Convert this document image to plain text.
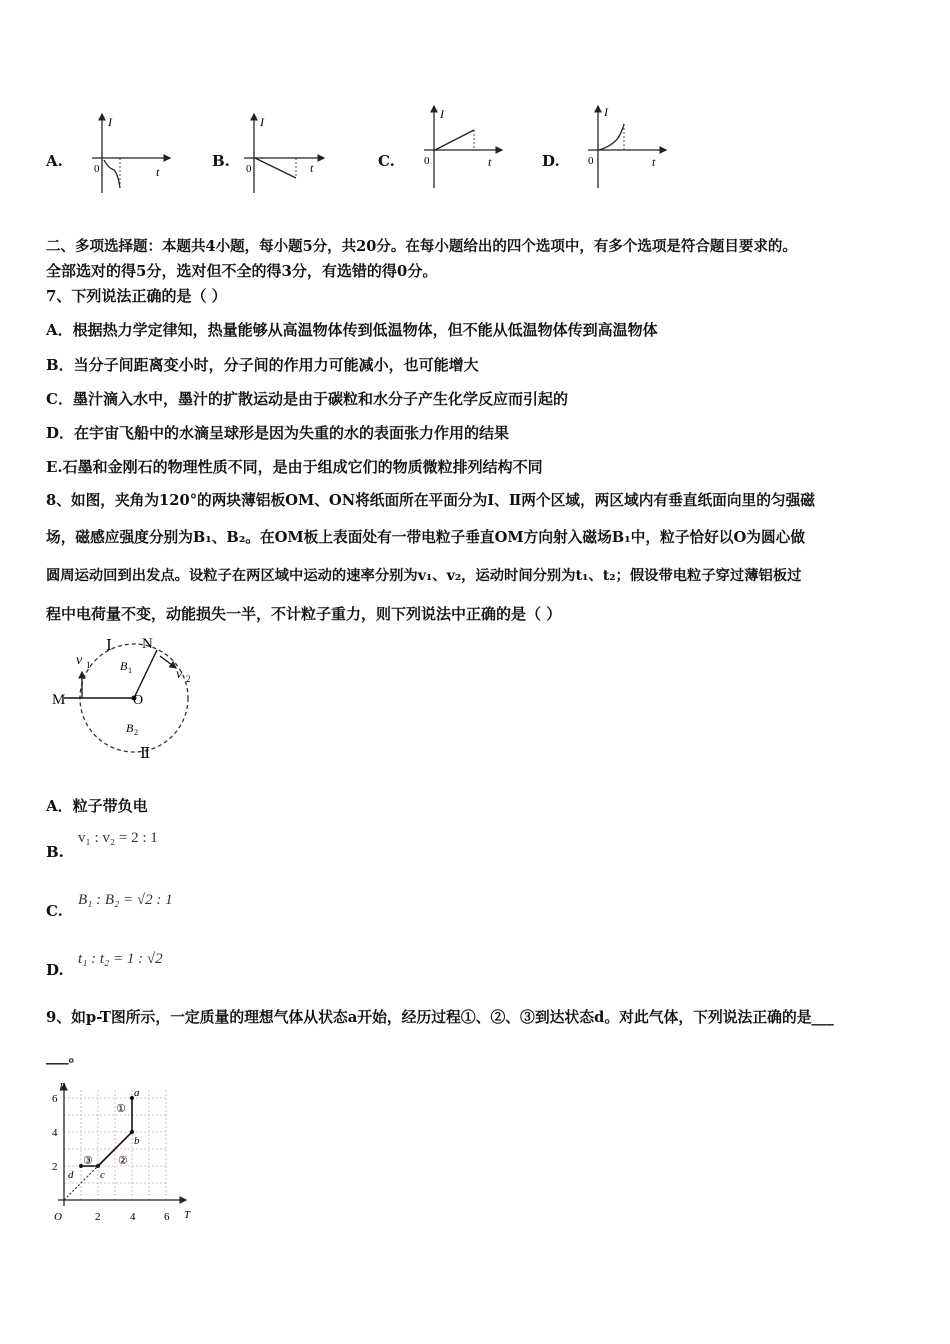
A.	B.	C.	D.
I
t
0
I
t
0
I
t
0
I
t
0
二、多项选择题：本题共4小题，每小题5分，共20分。在每小题给出的四个选项中，有多个选项是符合题目要求的。
全部选对的得5分，选对但不全的得3分，有选错的得0分。
7、下列说法正确的是（ ）
A．根据热力学定律知，热量能够从高温物体传到低温物体，但不能从低温物体传到高温物体
B．当分子间距离变小时，分子间的作用力可能减小，也可能增大
C．墨汁滴入水中，墨汁的扩散运动是由于碳粒和水分子产生化学反应而引起的
D．在宇宙飞船中的水滴呈球形是因为失重的水的表面张力作用的结果
E.石墨和金刚石的物理性质不同，是由于组成它们的物质微粒排列结构不同
8、如图，夹角为120°的两块薄铝板OM、ON将纸面所在平面分为Ⅰ、Ⅱ两个区域，两区域内有垂直纸面向里的匀强磁
场，磁感应强度分别为B₁、B₂。在OM板上表面处有一带电粒子垂直OM方向射入磁场B₁中，粒子恰好以O为圆心做
圆周运动回到出发点。设粒子在两区域中运动的速率分别为v₁、v₂，运动时间分别为t₁、t₂；假设带电粒子穿过薄铝板过
程中电荷量不变，动能损失一半，不计粒子重力，则下列说法中正确的是（ ）
Ⅰ N
M	O
v 1
v 2
B 1
B 2
Ⅱ
A．粒子带负电
B.
v₁ : v₂ = 2 : 1
C.
B₁ : B₂ = √2 : 1
D.
t₁ : t₂ = 1 : √2
9、如p-T图所示，一定质量的理想气体从状态a开始，经历过程①、②、③到达状态d。对此气体，下列说法正确的是___
___。
p
T
O
6
4
2
2	4	6
a
b
c
d
①
②
③
